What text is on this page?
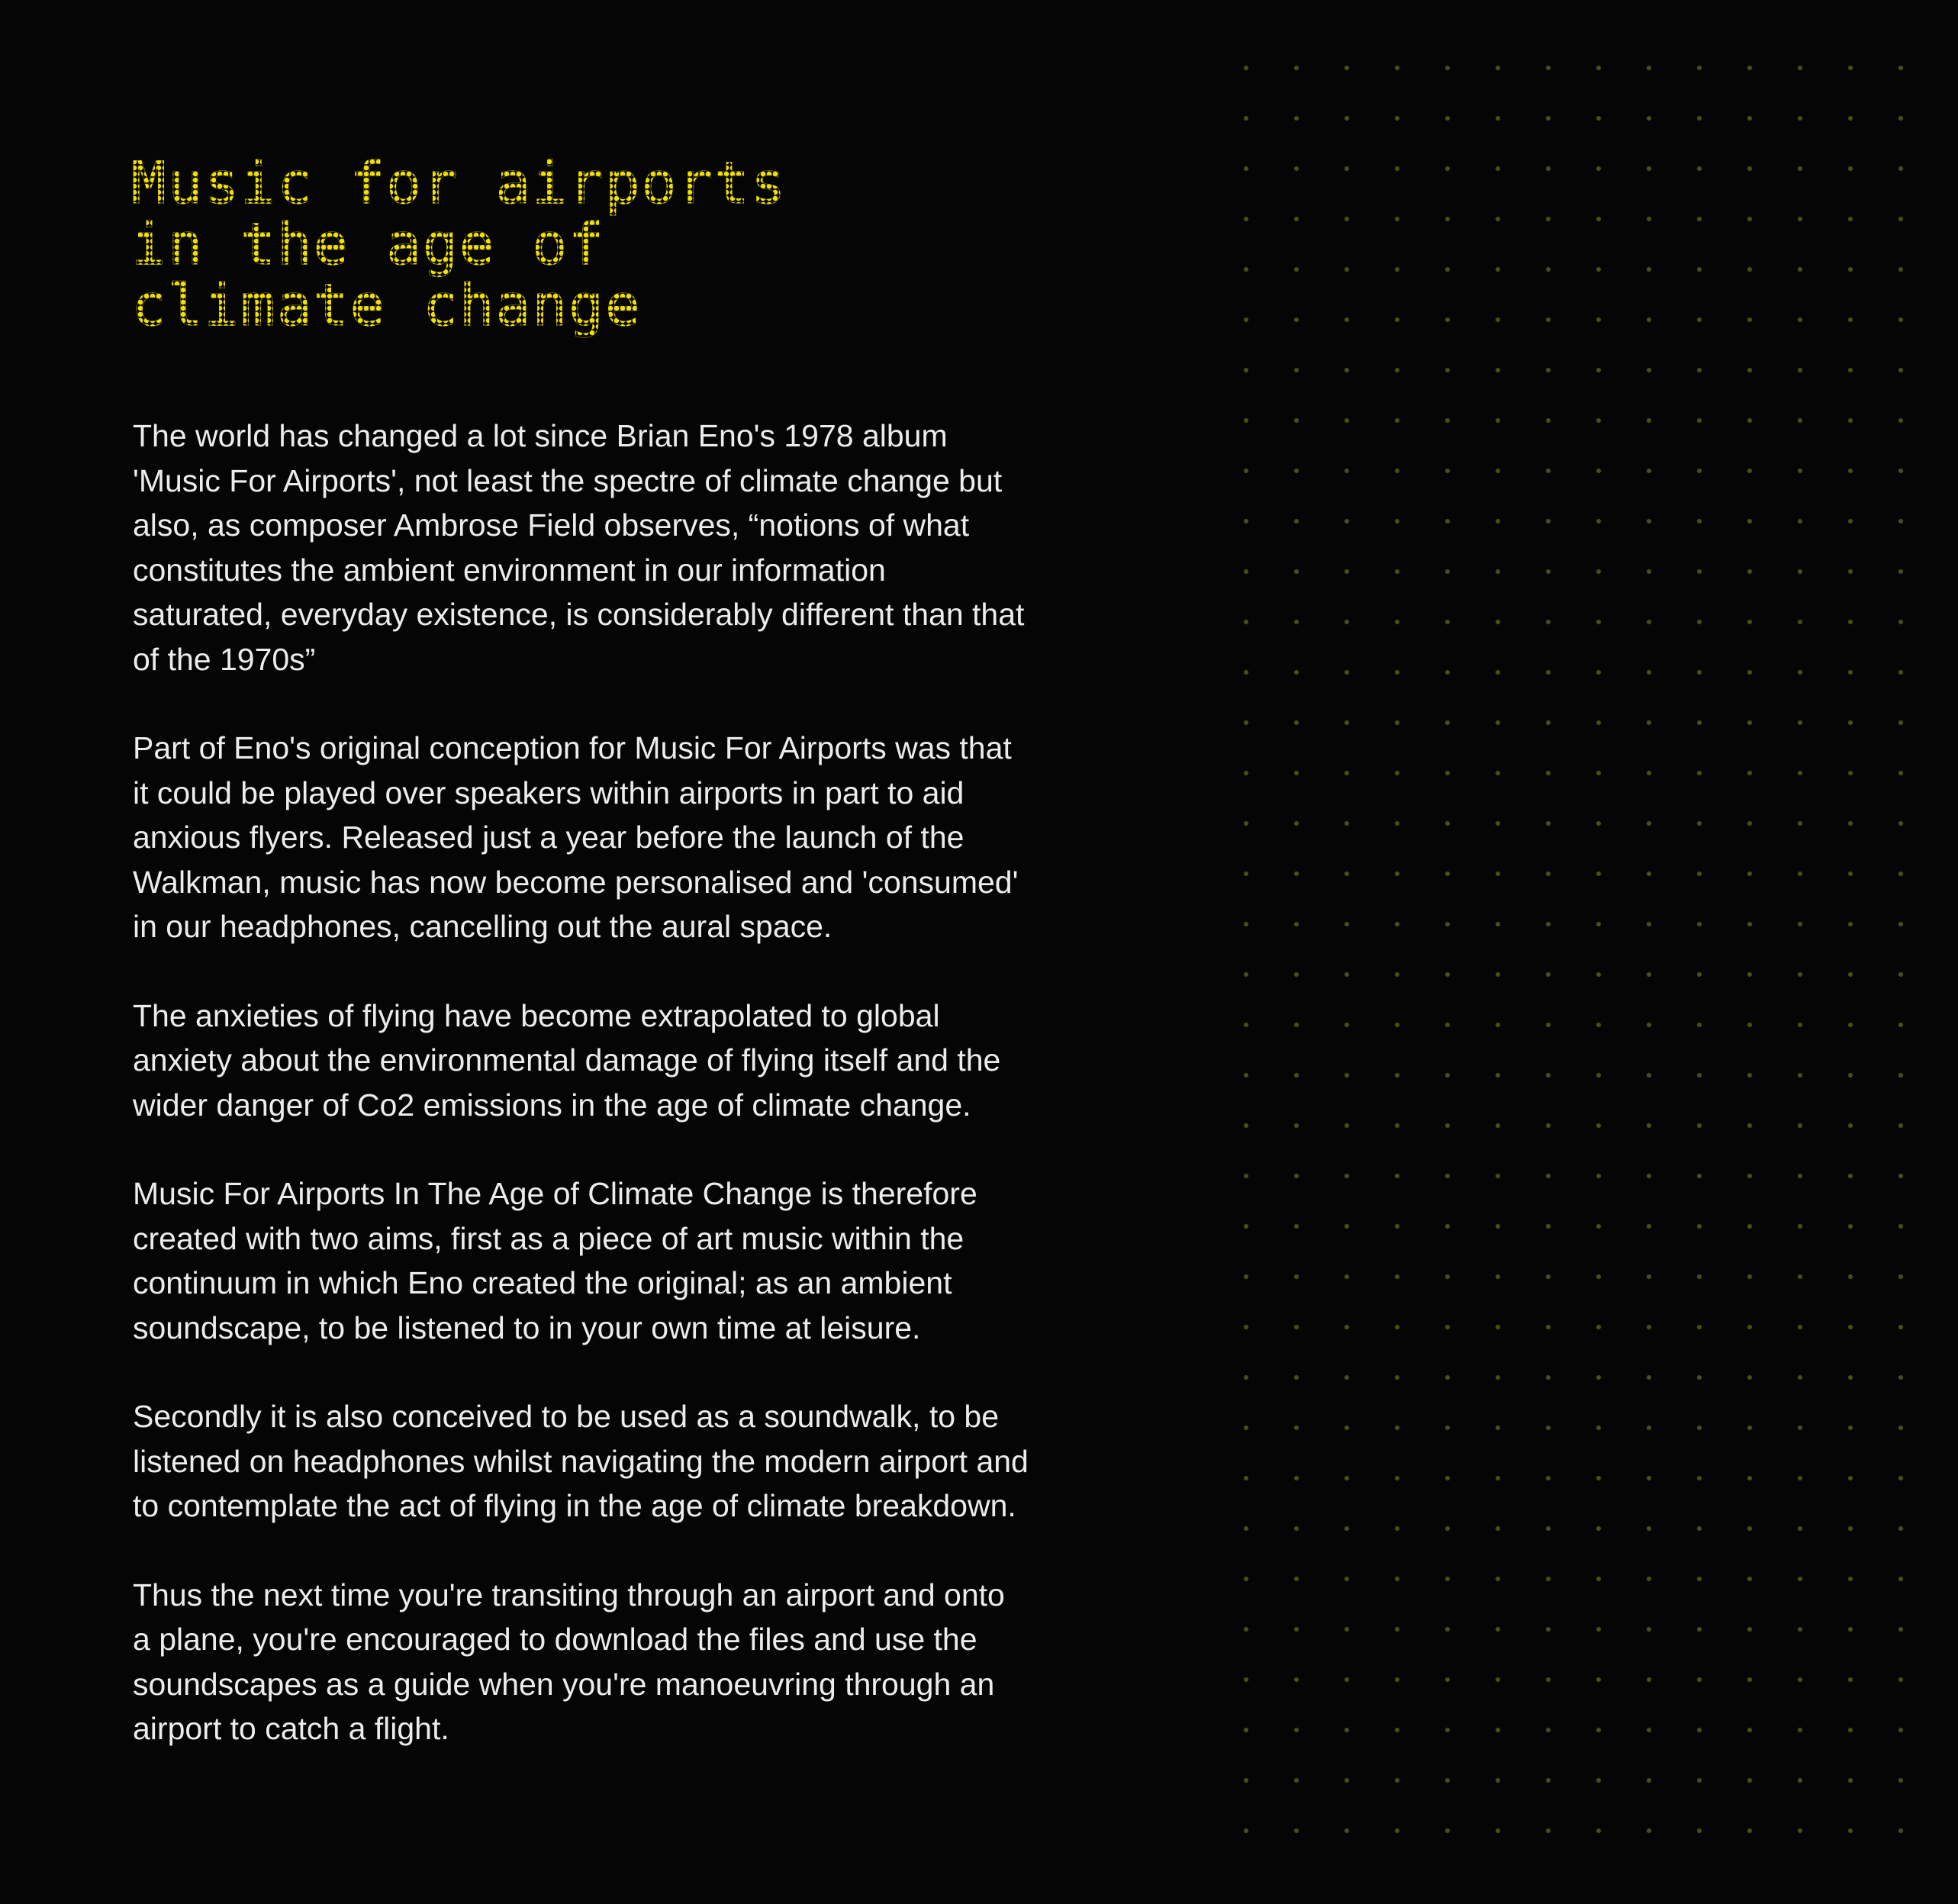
Music for airports
in the age of
climate change

The world has changed a lot since Brian Eno's 1978 album
'Music For Airports', not least the spectre of climate change but
also, as composer Ambrose Field observes, “notions of what
constitutes the ambient environment in our information
saturated, everyday existence, is considerably different than that
of the 1970s”

Part of Eno's original conception for Music For Airports was that
it could be played over speakers within airports in part to aid
anxious flyers. Released just a year before the launch of the
Walkman, music has now become personalised and 'consumed'
in our headphones, cancelling out the aural space.

The anxieties of flying have become extrapolated to global
anxiety about the environmental damage of flying itself and the
wider danger of Co2 emissions in the age of climate change.

Music For Airports In The Age of Climate Change is therefore
created with two aims, first as a piece of art music within the
continuum in which Eno created the original; as an ambient
soundscape, to be listened to in your own time at leisure.

Secondly it is also conceived to be used as a soundwalk, to be
listened on headphones whilst navigating the modern airport and
to contemplate the act of flying in the age of climate breakdown.

Thus the next time you're transiting through an airport and onto
a plane, you're encouraged to download the files and use the
soundscapes as a guide when you're manoeuvring through an
airport to catch a flight.
